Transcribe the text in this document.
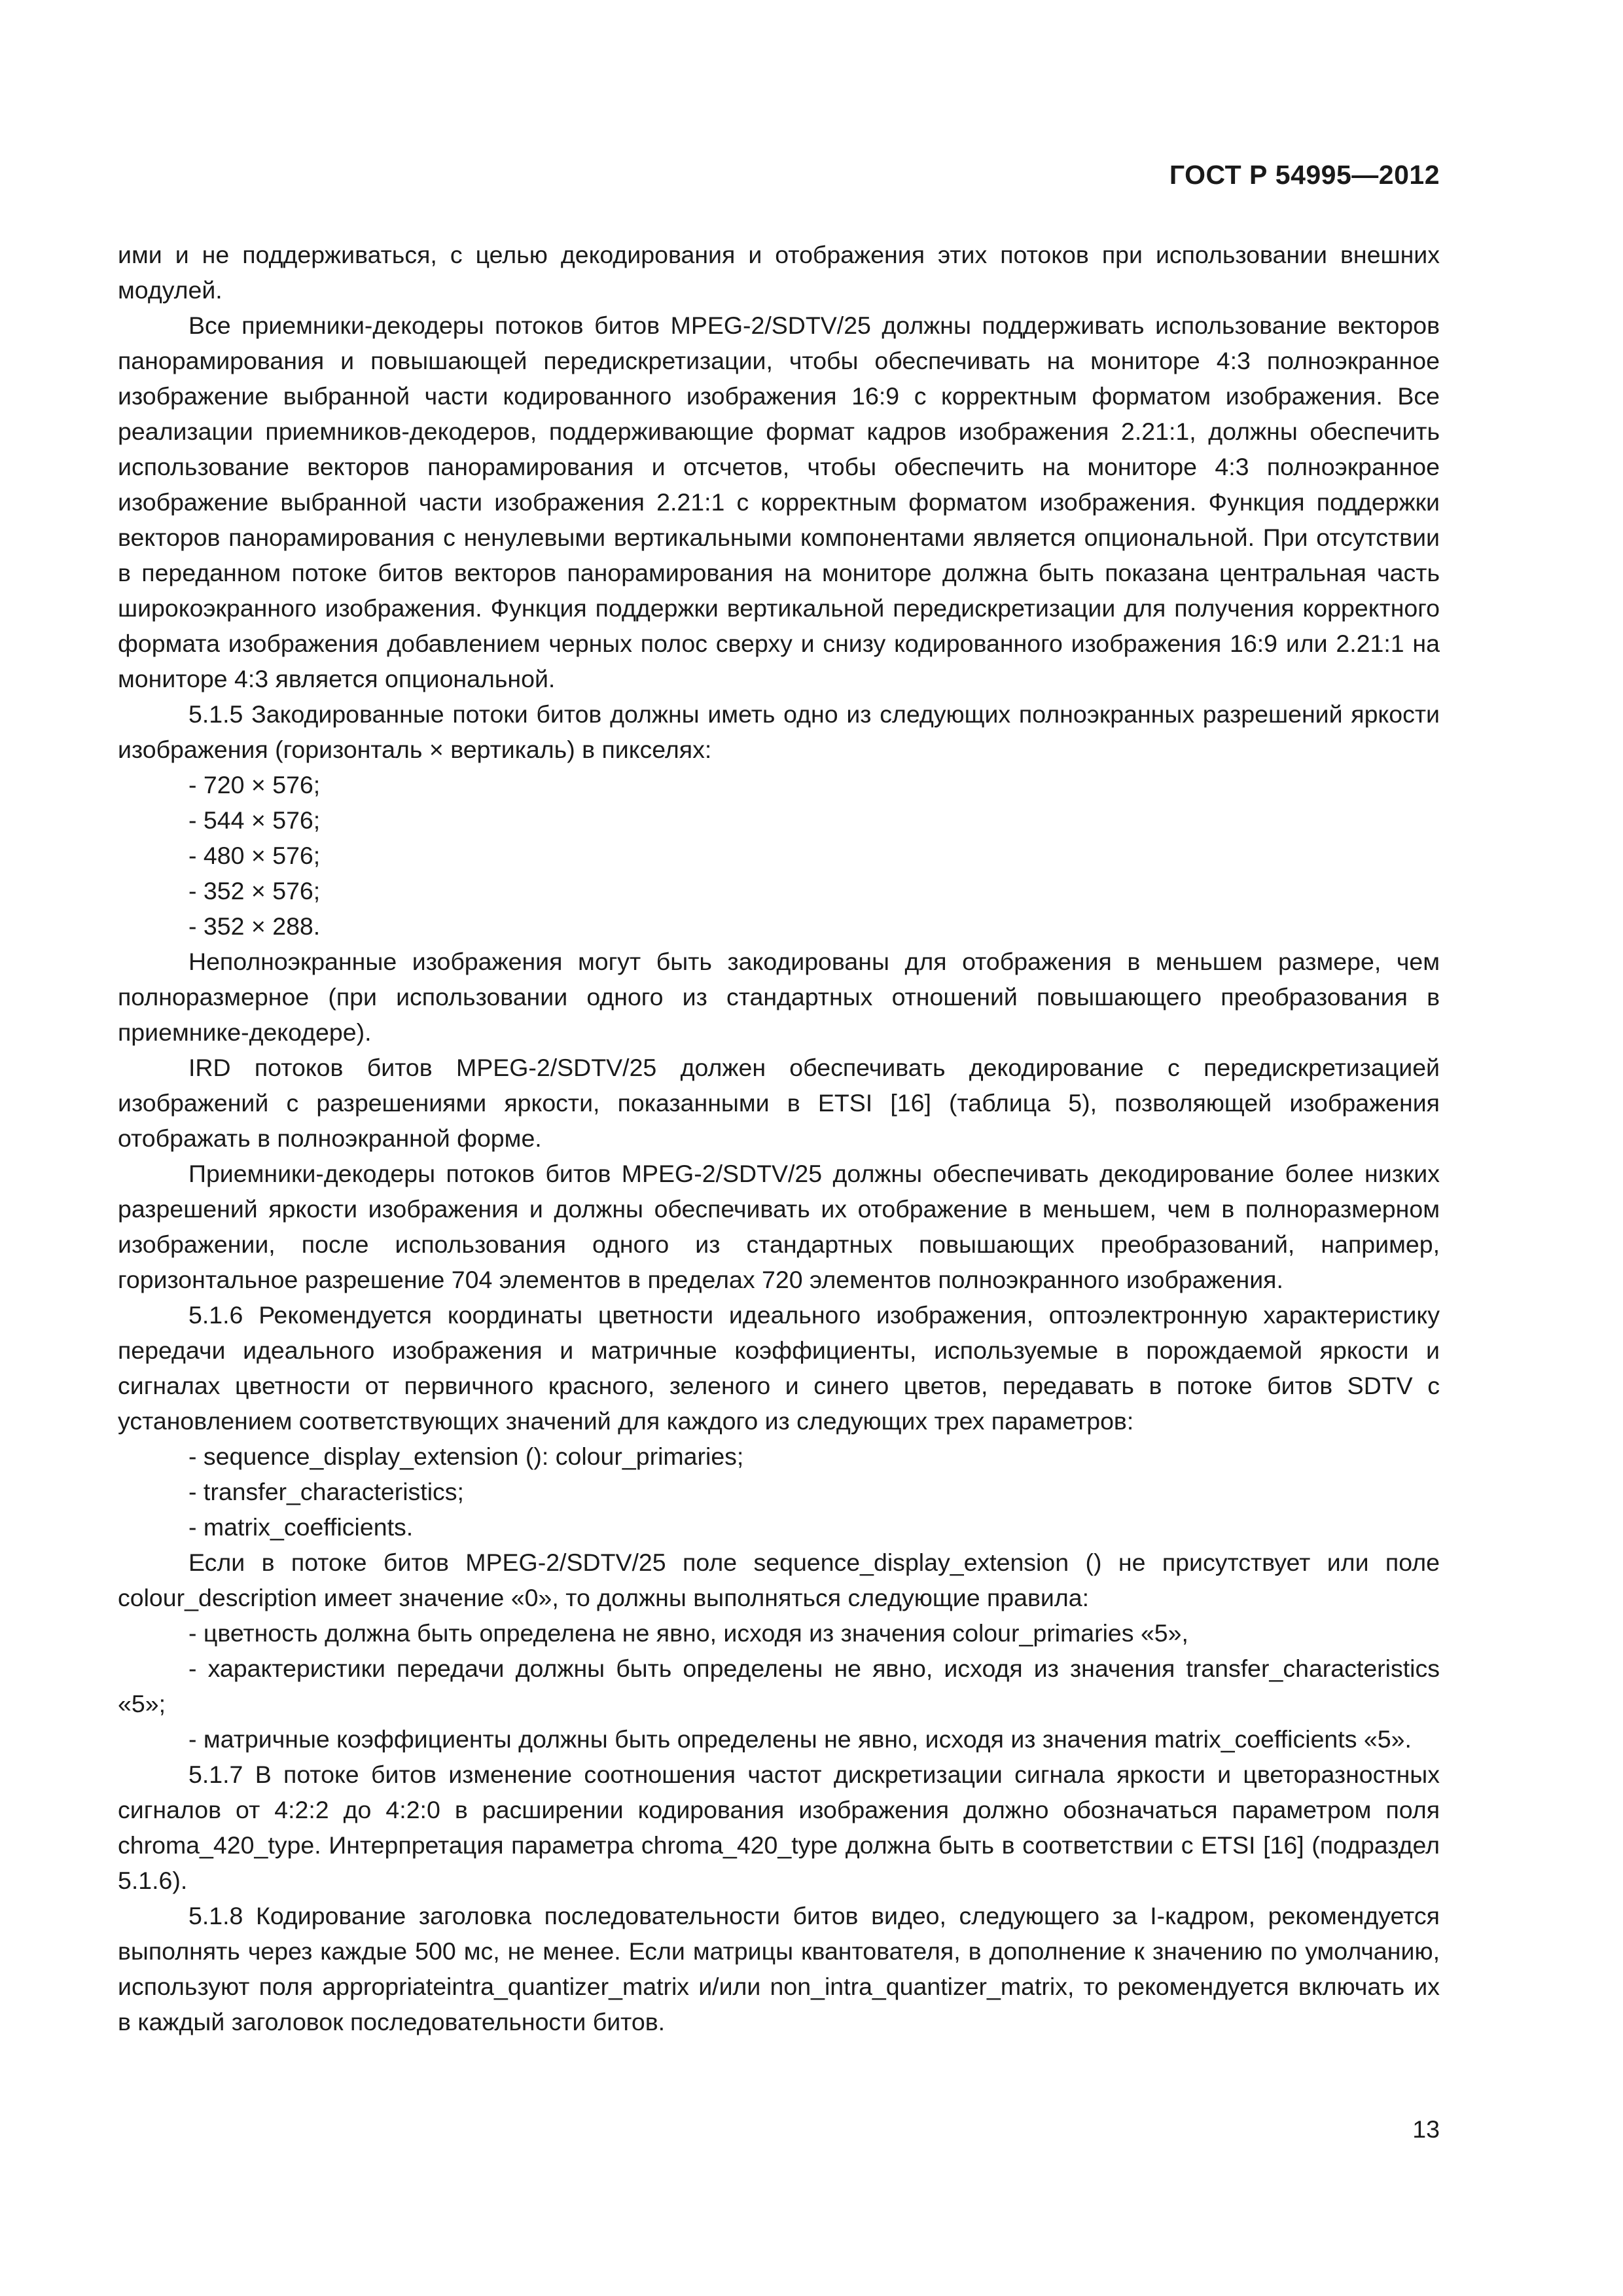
ГОСТ Р 54995—2012

ими и не поддерживаться, с целью декодирования и отображения этих потоков при использовании внешних модулей.

Все приемники-декодеры потоков битов MPEG-2/SDTV/25 должны поддерживать использование векторов панорамирования и повышающей передискретизации, чтобы обеспечивать на мониторе 4:3 полноэкранное изображение выбранной части кодированного изображения 16:9 с корректным форматом изображения. Все реализации приемников-декодеров, поддерживающие формат кадров изображения 2.21:1, должны обеспечить использование векторов панорамирования и отсчетов, чтобы обеспечить на мониторе 4:3 полноэкранное изображение выбранной части изображения 2.21:1 с корректным форматом изображения. Функция поддержки векторов панорамирования с ненулевыми вертикальными компонентами является опциональной. При отсутствии в переданном потоке битов векторов панорамирования на мониторе должна быть показана центральная часть широкоэкранного изображения. Функция поддержки вертикальной передискретизации для получения корректного формата изображения добавлением черных полос сверху и снизу кодированного изображения 16:9 или 2.21:1 на мониторе 4:3 является опциональной.

5.1.5 Закодированные потоки битов должны иметь одно из следующих полноэкранных разрешений яркости изображения (горизонталь × вертикаль) в пикселях:

- 720 × 576;

- 544 × 576;

- 480 × 576;

- 352 × 576;

- 352 × 288.

Неполноэкранные изображения могут быть закодированы для отображения в меньшем размере, чем полноразмерное (при использовании одного из стандартных отношений повышающего преобразования в приемнике-декодере).

IRD потоков битов MPEG-2/SDTV/25 должен обеспечивать декодирование с передискретизацией изображений с разрешениями яркости, показанными в ETSI [16] (таблица 5), позволяющей изображения отображать в полноэкранной форме.

Приемники-декодеры потоков битов MPEG-2/SDTV/25 должны обеспечивать декодирование более низких разрешений яркости изображения и должны обеспечивать их отображение в меньшем, чем в полноразмерном изображении, после использования одного из стандартных повышающих преобразований, например, горизонтальное разрешение 704 элементов в пределах 720 элементов полноэкранного изображения.

5.1.6 Рекомендуется координаты цветности идеального изображения, оптоэлектронную характеристику передачи идеального изображения и матричные коэффициенты, используемые в порождаемой яркости и сигналах цветности от первичного красного, зеленого и синего цветов, передавать в потоке битов SDTV с установлением соответствующих значений для каждого из следующих трех параметров:

- sequence_display_extension (): colour_primaries;

- transfer_characteristics;

- matrix_coefficients.

Если в потоке битов MPEG-2/SDTV/25 поле sequence_display_extension () не присутствует или поле colour_description имеет значение «0», то должны выполняться следующие правила:

- цветность должна быть определена не явно, исходя из значения colour_primaries «5»,

- характеристики передачи должны быть определены не явно, исходя из значения transfer_characteristics «5»;

- матричные коэффициенты должны быть определены не явно, исходя из значения matrix_coefficients «5».

5.1.7 В потоке битов изменение соотношения частот дискретизации сигнала яркости и цветоразностных сигналов от 4:2:2 до 4:2:0 в расширении кодирования изображения должно обозначаться параметром поля chroma_420_type. Интерпретация параметра chroma_420_type должна быть в соответствии с ETSI [16] (подраздел 5.1.6).

5.1.8 Кодирование заголовка последовательности битов видео, следующего за I-кадром, рекомендуется выполнять через каждые 500 мс, не менее. Если матрицы квантователя, в дополнение к значению по умолчанию, используют поля appropriateintra_quantizer_matrix и/или non_intra_quantizer_matrix, то рекомендуется включать их в каждый заголовок последовательности битов.

13
